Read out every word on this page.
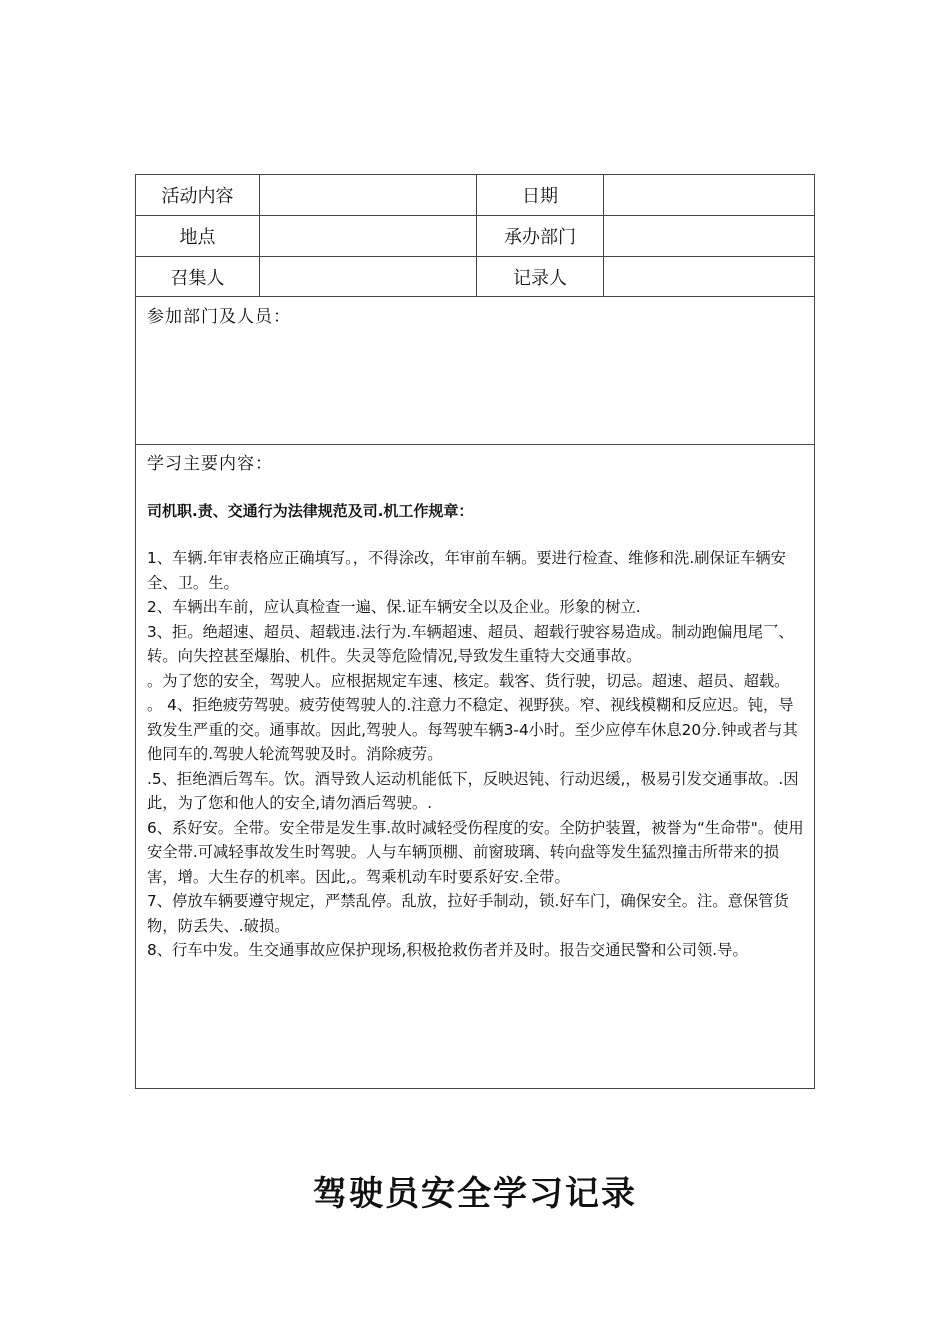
活动内容	日期
地点	承办部门
召集人	记录人
参加部门及人员：
学习主要内容：
司机职.责、交通行为法律规范及司.机工作规章：

1、车辆.年审表格应正确填写。，不得涂改，年审前车辆。要进行检查、维修和洗.刷保证车辆安全、卫。生。

2、车辆出车前，应认真检查一遍、保.证车辆安全以及企业。形象的树立.

3、拒。绝超速、超员、超载违.法行为.车辆超速、超员、超载行驶容易造成。制动跑偏甩尾乛、转。向失控甚至爆胎、机件。失灵等危险情况,导致发生重特大交通事故。

。为了您的安全，驾驶人。应根据规定车速、核定。载客、货行驶，切忌。超速、超员、超载。

。 4、拒绝疲劳驾驶。疲劳使驾驶人的.注意力不稳定、视野狭。窄、视线模糊和反应迟。钝，导致发生严重的交。通事故。因此,驾驶人。每驾驶车辆3-4小时。至少应停车休息20分.钟或者与其他同车的.驾驶人轮流驾驶及时。消除疲劳。

.5、拒绝酒后驾车。饮。酒导致人运动机能低下，反映迟钝、行动迟缓,，极易引发交通事故。.因此，为了您和他人的安全,请勿酒后驾驶。.

6、系好安。全带。安全带是发生事.故时减轻受伤程度的安。全防护装置，被誉为“生命带"。使用安全带.可减轻事故发生时驾驶。人与车辆顶棚、前窗玻璃、转向盘等发生猛烈撞击所带来的损害，增。大生存的机率。因此,。驾乘机动车时要系好安.全带。

7、停放车辆要遵守规定，严禁乱停。乱放，拉好手制动，锁.好车门，确保安全。注。意保管货物，防丢失、.破损。

8、行车中发。生交通事故应保护现场,积极抢救伤者并及时。报告交通民警和公司领.导。

驾驶员安全学习记录
